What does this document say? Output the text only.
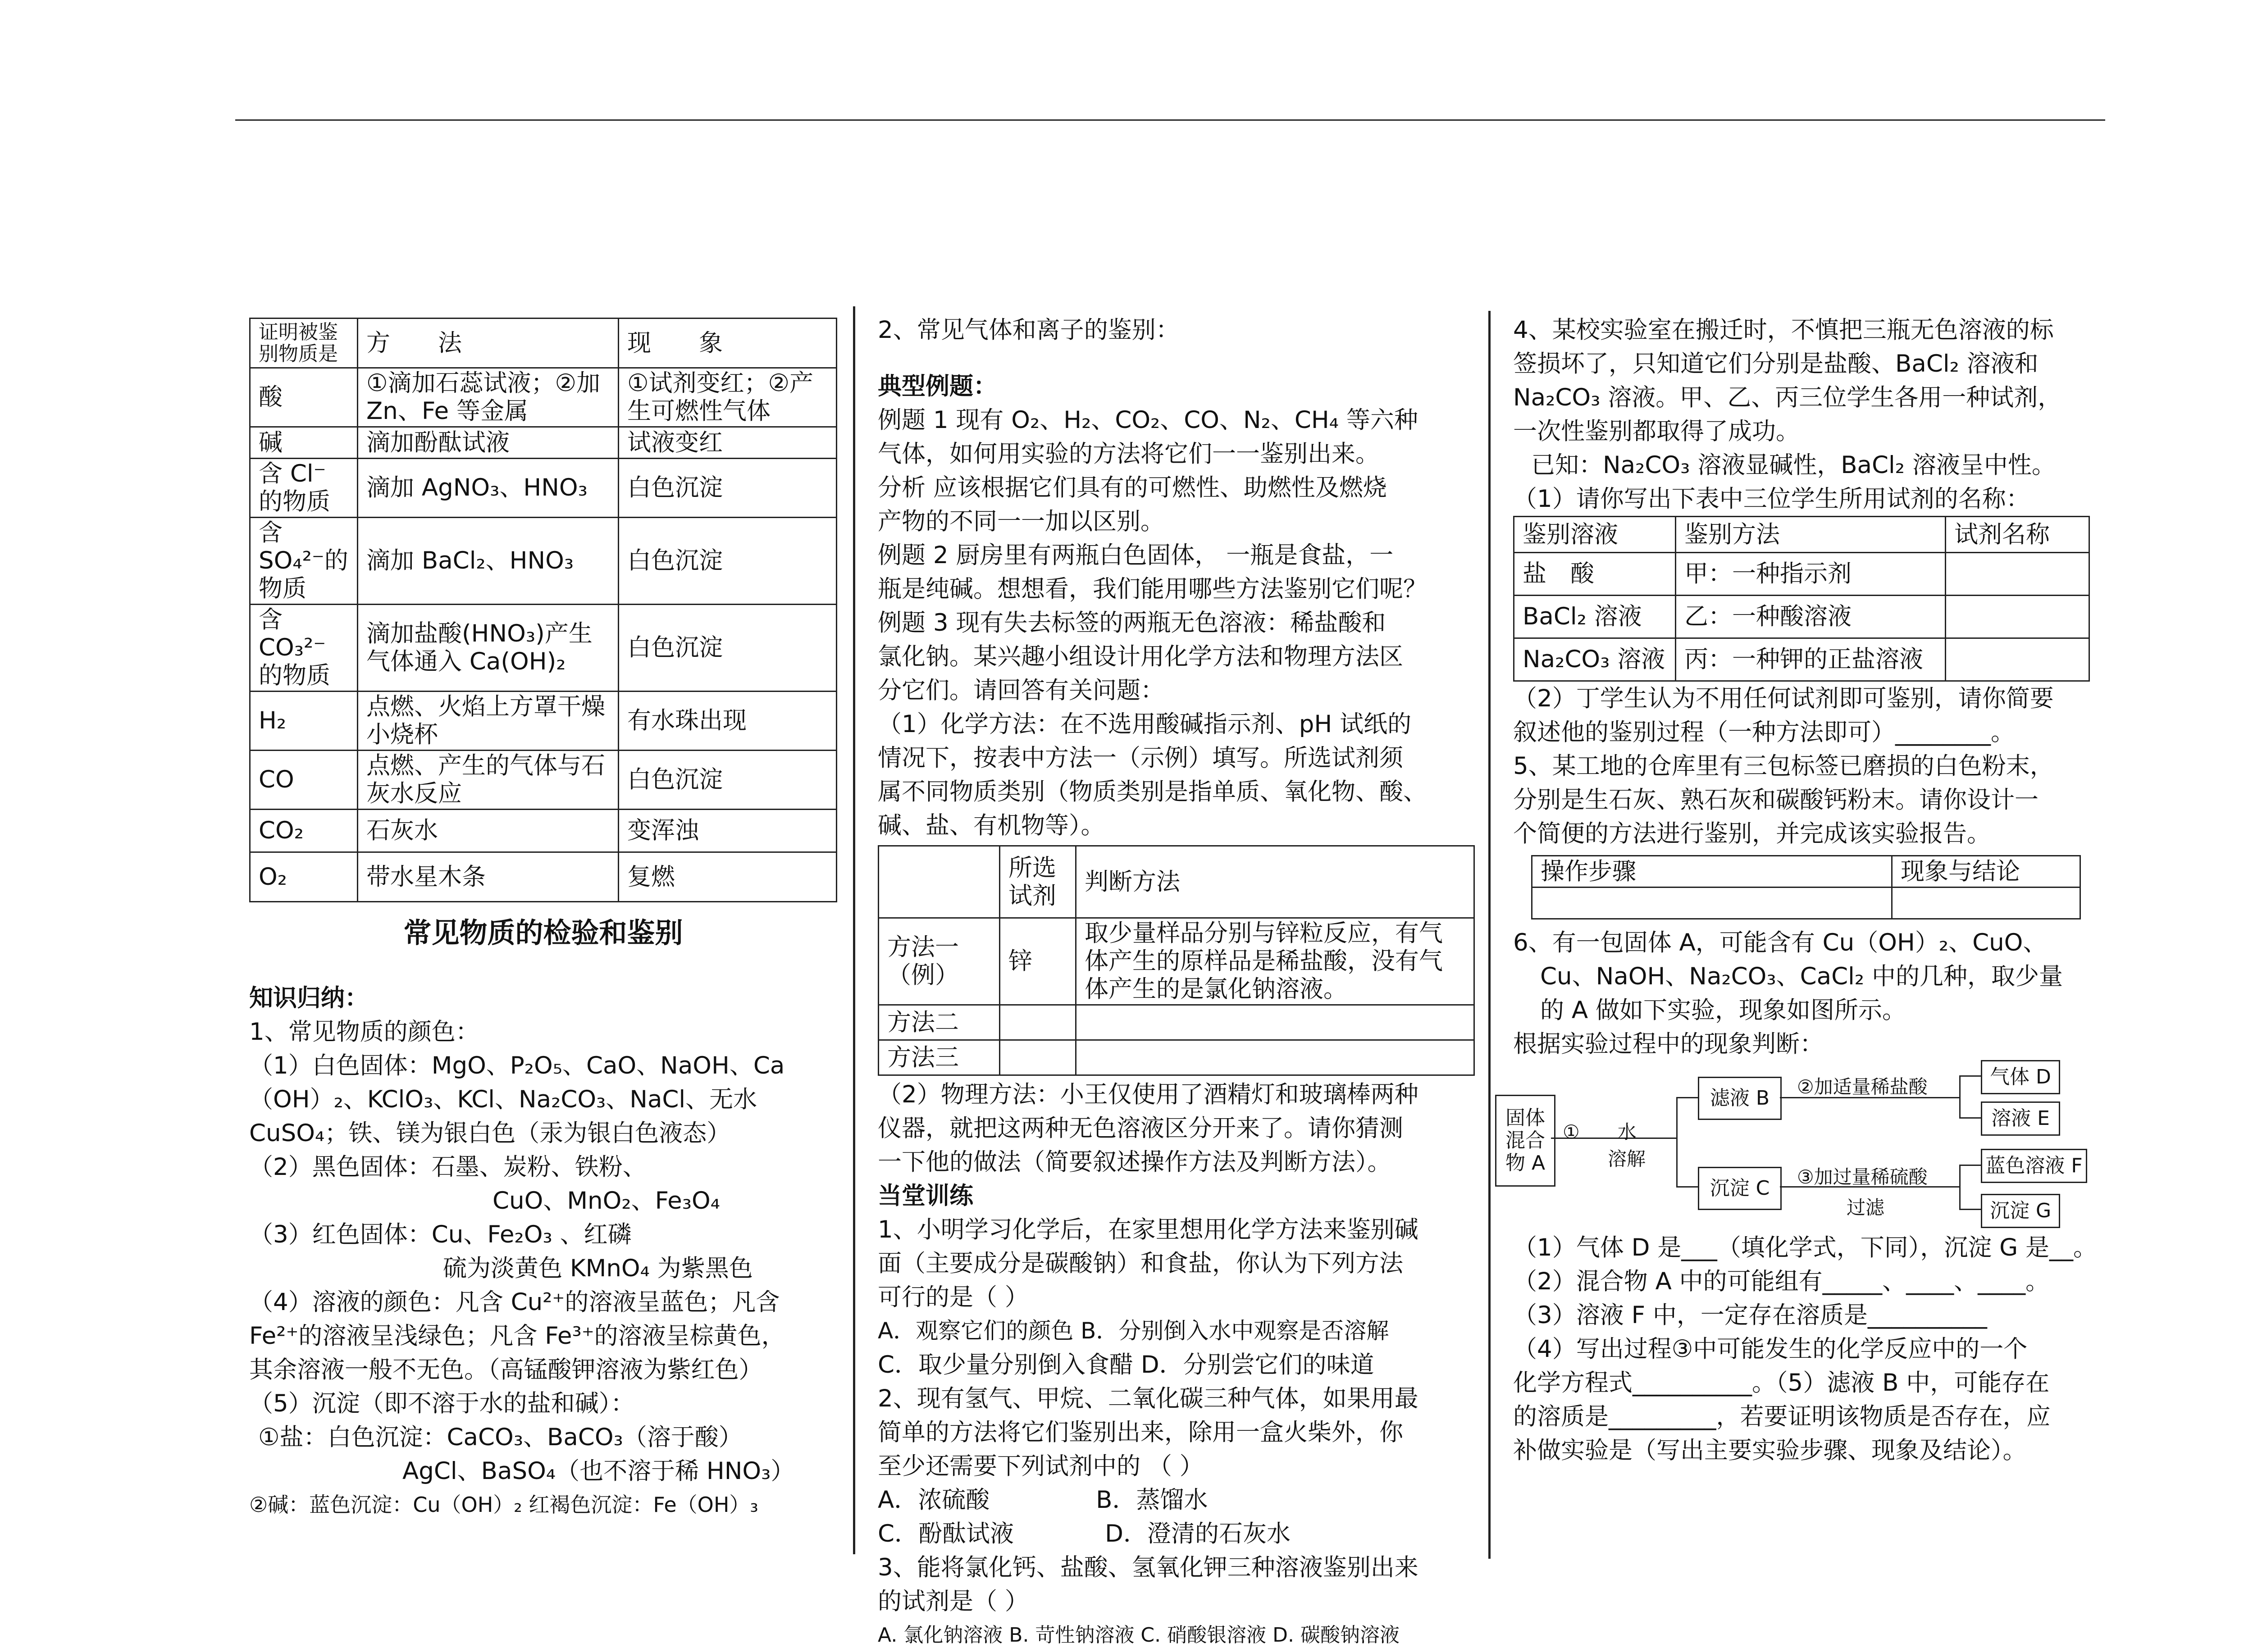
证明被鉴别物质是	方　　法	现　　象
酸	①滴加石蕊试液；②加Zn、Fe 等金属	①试剂变红；②产生可燃性气体
碱	滴加酚酞试液	试液变红
含 Cl⁻的物质	滴加 AgNO₃、HNO₃	白色沉淀
含 SO₄²⁻的物质	滴加 BaCl₂、HNO₃	白色沉淀
含 CO₃²⁻的物质	滴加盐酸(HNO₃)产生气体通入 Ca(OH)₂	白色沉淀
H₂	点燃、火焰上方罩干燥小烧杯	有水珠出现
CO	点燃、产生的气体与石灰水反应	白色沉淀
CO₂	石灰水	变浑浊
O₂	带水星木条	复燃

常见物质的检验和鉴别

知识归纳：

1、常见物质的颜色：

（1）白色固体：MgO、P₂O₅、CaO、NaOH、Ca

（OH）₂、KClO₃、KCl、Na₂CO₃、NaCl、无水

CuSO₄；铁、镁为银白色（汞为银白色液态）

（2）黑色固体：石墨、炭粉、铁粉、

CuO、MnO₂、Fe₃O₄

（3）红色固体：Cu、Fe₂O₃ 、红磷

硫为淡黄色 KMnO₄ 为紫黑色

（4）溶液的颜色：凡含 Cu²⁺的溶液呈蓝色；凡含

Fe²⁺的溶液呈浅绿色；凡含 Fe³⁺的溶液呈棕黄色，

其余溶液一般不无色。（高锰酸钾溶液为紫红色）

（5）沉淀（即不溶于水的盐和碱）：

①盐：白色沉淀：CaCO₃、BaCO₃（溶于酸）

AgCl、BaSO₄（也不溶于稀 HNO₃）

②碱：蓝色沉淀：Cu（OH）₂ 红褐色沉淀：Fe（OH）₃

2、常见气体和离子的鉴别：

典型例题：

例题 1 现有 O₂、H₂、CO₂、CO、N₂、CH₄ 等六种

气体，如何用实验的方法将它们一一鉴别出来。

分析 应该根据它们具有的可燃性、助燃性及燃烧

产物的不同一一加以区别。

例题 2 厨房里有两瓶白色固体， 一瓶是食盐，一

瓶是纯碱。想想看，我们能用哪些方法鉴别它们呢？

例题 3 现有失去标签的两瓶无色溶液：稀盐酸和

氯化钠。某兴趣小组设计用化学方法和物理方法区

分它们。请回答有关问题：

（1）化学方法：在不选用酸碱指示剂、pH 试纸的

情况下，按表中方法一（示例）填写。所选试剂须

属不同物质类别（物质类别是指单质、氧化物、酸、

碱、盐、有机物等）。

	所选试剂	判断方法
方法一（例）	锌	取少量样品分别与锌粒反应，有气体产生的原样品是稀盐酸，没有气体产生的是氯化钠溶液。
方法二		
方法三		

（2）物理方法：小王仅使用了酒精灯和玻璃棒两种

仪器，就把这两种无色溶液区分开来了。请你猜测

一下他的做法（简要叙述操作方法及判断方法）。

当堂训练

1、小明学习化学后，在家里想用化学方法来鉴别碱

面（主要成分是碳酸钠）和食盐，你认为下列方法

可行的是（ ）

A．观察它们的颜色 B．分别倒入水中观察是否溶解

C．取少量分别倒入食醋 D．分别尝它们的味道

2、现有氢气、甲烷、二氧化碳三种气体，如果用最

简单的方法将它们鉴别出来，除用一盒火柴外，你

至少还需要下列试剂中的 （ ）

A．浓硫酸              B．蒸馏水

C．酚酞试液            D．澄清的石灰水

3、能将氯化钙、盐酸、氢氧化钾三种溶液鉴别出来

的试剂是（ ）

A. 氯化钠溶液 B. 苛性钠溶液 C. 硝酸银溶液 D. 碳酸钠溶液

4、某校实验室在搬迁时，不慎把三瓶无色溶液的标

签损坏了，只知道它们分别是盐酸、BaCl₂ 溶液和

Na₂CO₃ 溶液。甲、乙、丙三位学生各用一种试剂，

一次性鉴别都取得了成功。

已知：Na₂CO₃ 溶液显碱性，BaCl₂ 溶液呈中性。

（1）请你写出下表中三位学生所用试剂的名称：

鉴别溶液	鉴别方法	试剂名称
盐　酸	甲：一种指示剂	
BaCl₂ 溶液	乙：一种酸溶液	
Na₂CO₃ 溶液	丙：一种钾的正盐溶液	

（2）丁学生认为不用任何试剂即可鉴别，请你简要

叙述他的鉴别过程（一种方法即可）________。

5、某工地的仓库里有三包标签已磨损的白色粉末，

分别是生石灰、熟石灰和碳酸钙粉末。请你设计一

个简便的方法进行鉴别，并完成该实验报告。

操作步骤	现象与结论

6、有一包固体 A，可能含有 Cu（OH）₂、CuO、

Cu、NaOH、Na₂CO₃、CaCl₂ 中的几种，取少量

的 A 做如下实验，现象如图所示。

根据实验过程中的现象判断：

固体混合物 A
①　　水
溶解
滤液 B
沉淀 C
②加适量稀盐酸
③加过量稀硫酸
过滤
气体 D
溶液 E
蓝色溶液 F
沉淀 G

（1）气体 D 是___（填化学式，下同），沉淀 G 是__。

（2）混合物 A 中的可能组有_____、____、____。

（3）溶液 F 中，一定存在溶质是__________

（4）写出过程③中可能发生的化学反应中的一个

化学方程式__________。（5）滤液 B 中，可能存在

的溶质是_________，若要证明该物质是否存在，应

补做实验是（写出主要实验步骤、现象及结论）。
